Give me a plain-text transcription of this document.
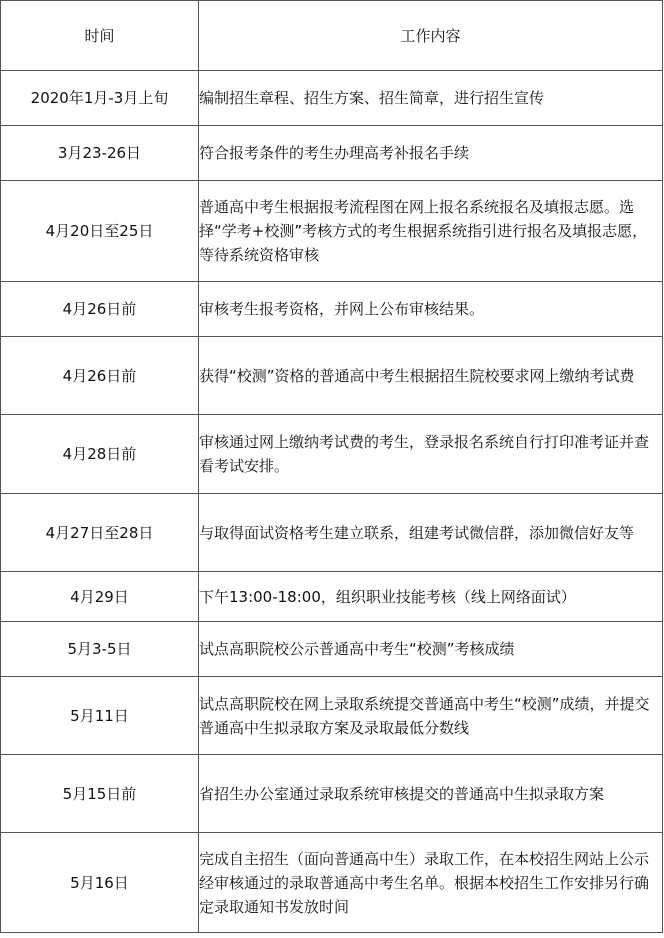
时间	工作内容
2020年1月-3月上旬	编制招生章程、招生方案、招生简章，进行招生宣传
3月23-26日	符合报考条件的考生办理高考补报名手续
4月20日至25日	普通高中考生根据报考流程图在网上报名系统报名及填报志愿。选择“学考+校测”考核方式的考生根据系统指引进行报名及填报志愿，等待系统资格审核
4月26日前	审核考生报考资格，并网上公布审核结果。
4月26日前	获得“校测”资格的普通高中考生根据招生院校要求网上缴纳考试费
4月28日前	审核通过网上缴纳考试费的考生，登录报名系统自行打印准考证并查看考试安排。
4月27日至28日	与取得面试资格考生建立联系，组建考试微信群，添加微信好友等
4月29日	下午13:00-18:00，组织职业技能考核（线上网络面试）
5月3-5日	试点高职院校公示普通高中考生“校测”考核成绩
5月11日	试点高职院校在网上录取系统提交普通高中考生“校测”成绩，并提交普通高中生拟录取方案及录取最低分数线
5月15日前	省招生办公室通过录取系统审核提交的普通高中生拟录取方案
5月16日	完成自主招生（面向普通高中生）录取工作，在本校招生网站上公示经审核通过的录取普通高中考生名单。根据本校招生工作安排另行确定录取通知书发放时间
